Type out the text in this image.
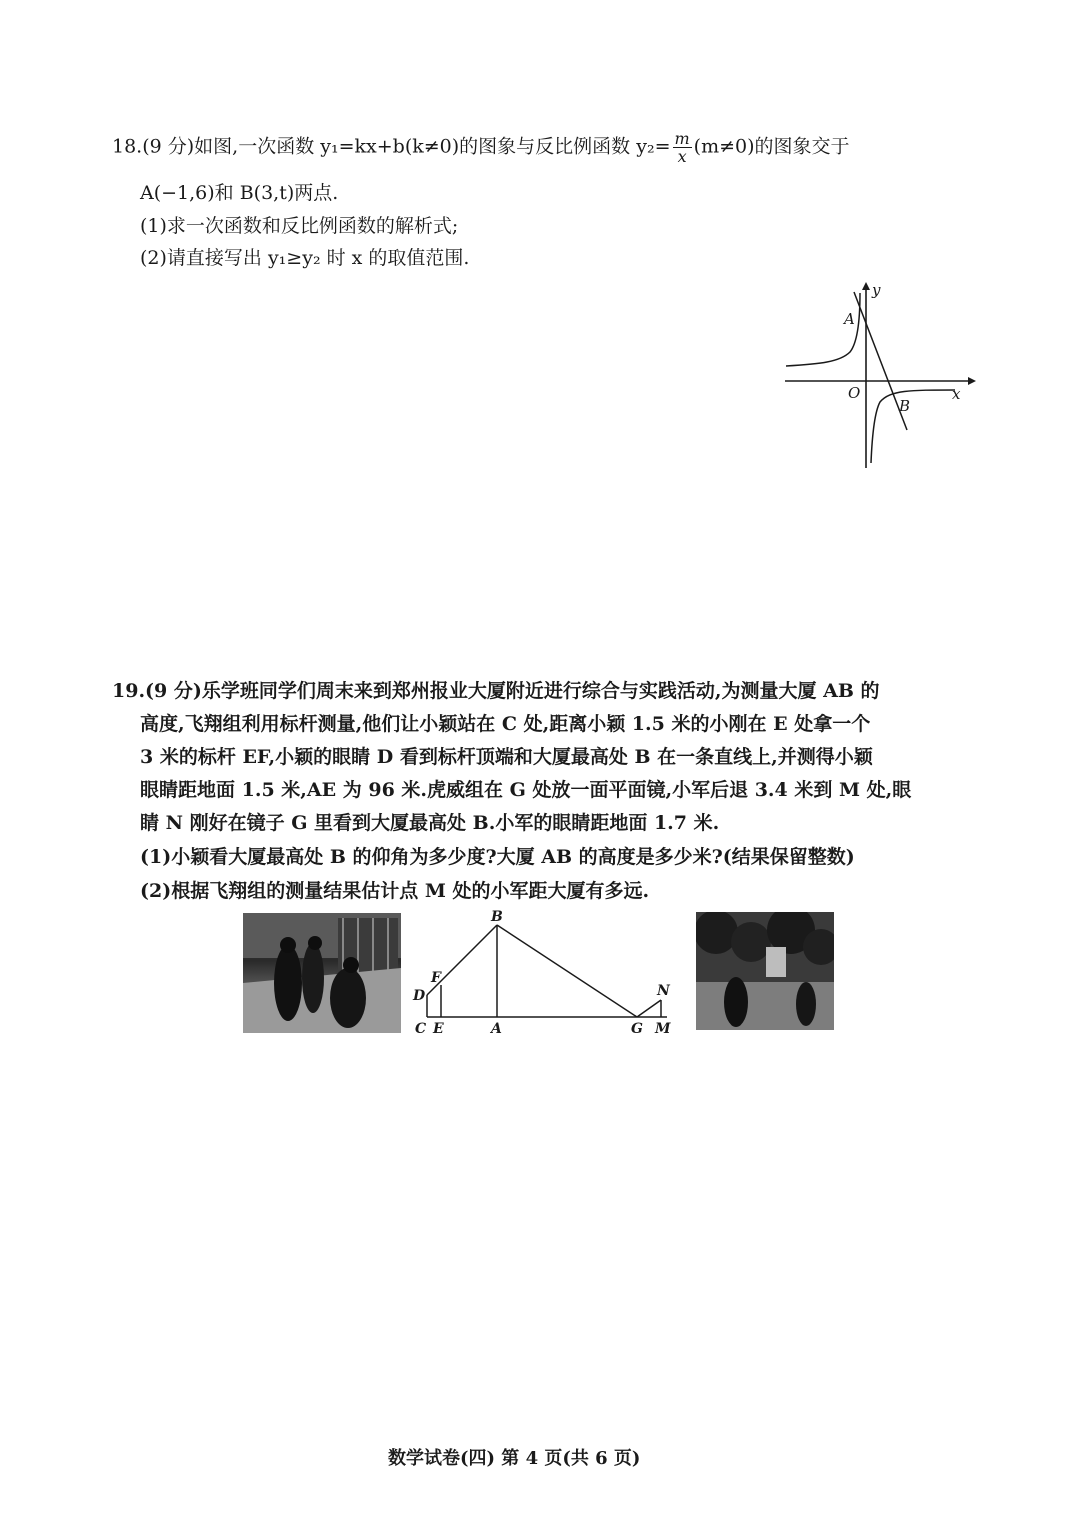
18.(9 分)如图,一次函数 y₁=kx+b(k≠0)的图象与反比例函数 $y_2= \frac{m}{x} (m\ne 0)$的图象交于
A(−1,6)和 B(3,t)两点.
(1)求一次函数和反比例函数的解析式;
(2)请直接写出 y₁≥y₂ 时 x 的取值范围.
y
x
O
A
B
19.(9 分)乐学班同学们周末来到郑州报业大厦附近进行综合与实践活动,为测量大厦 AB 的
高度,飞翔组利用标杆测量,他们让小颖站在 C 处,距离小颖 1.5 米的小刚在 E 处拿一个
3 米的标杆 EF,小颖的眼睛 D 看到标杆顶端和大厦最高处 B 在一条直线上,并测得小颖
眼睛距地面 1.5 米,AE 为 96 米.虎威组在 G 处放一面平面镜,小军后退 3.4 米到 M 处,眼
睛 N 刚好在镜子 G 里看到大厦最高处 B.小军的眼睛距地面 1.7 米.
(1)小颖看大厦最高处 B 的仰角为多少度?大厦 AB 的高度是多少米?(结果保留整数)
(2)根据飞翔组的测量结果估计点 M 处的小军距大厦有多远.
B
F
D	N
C E	A	G M
数学试卷(四) 第 4 页(共 6 页)
